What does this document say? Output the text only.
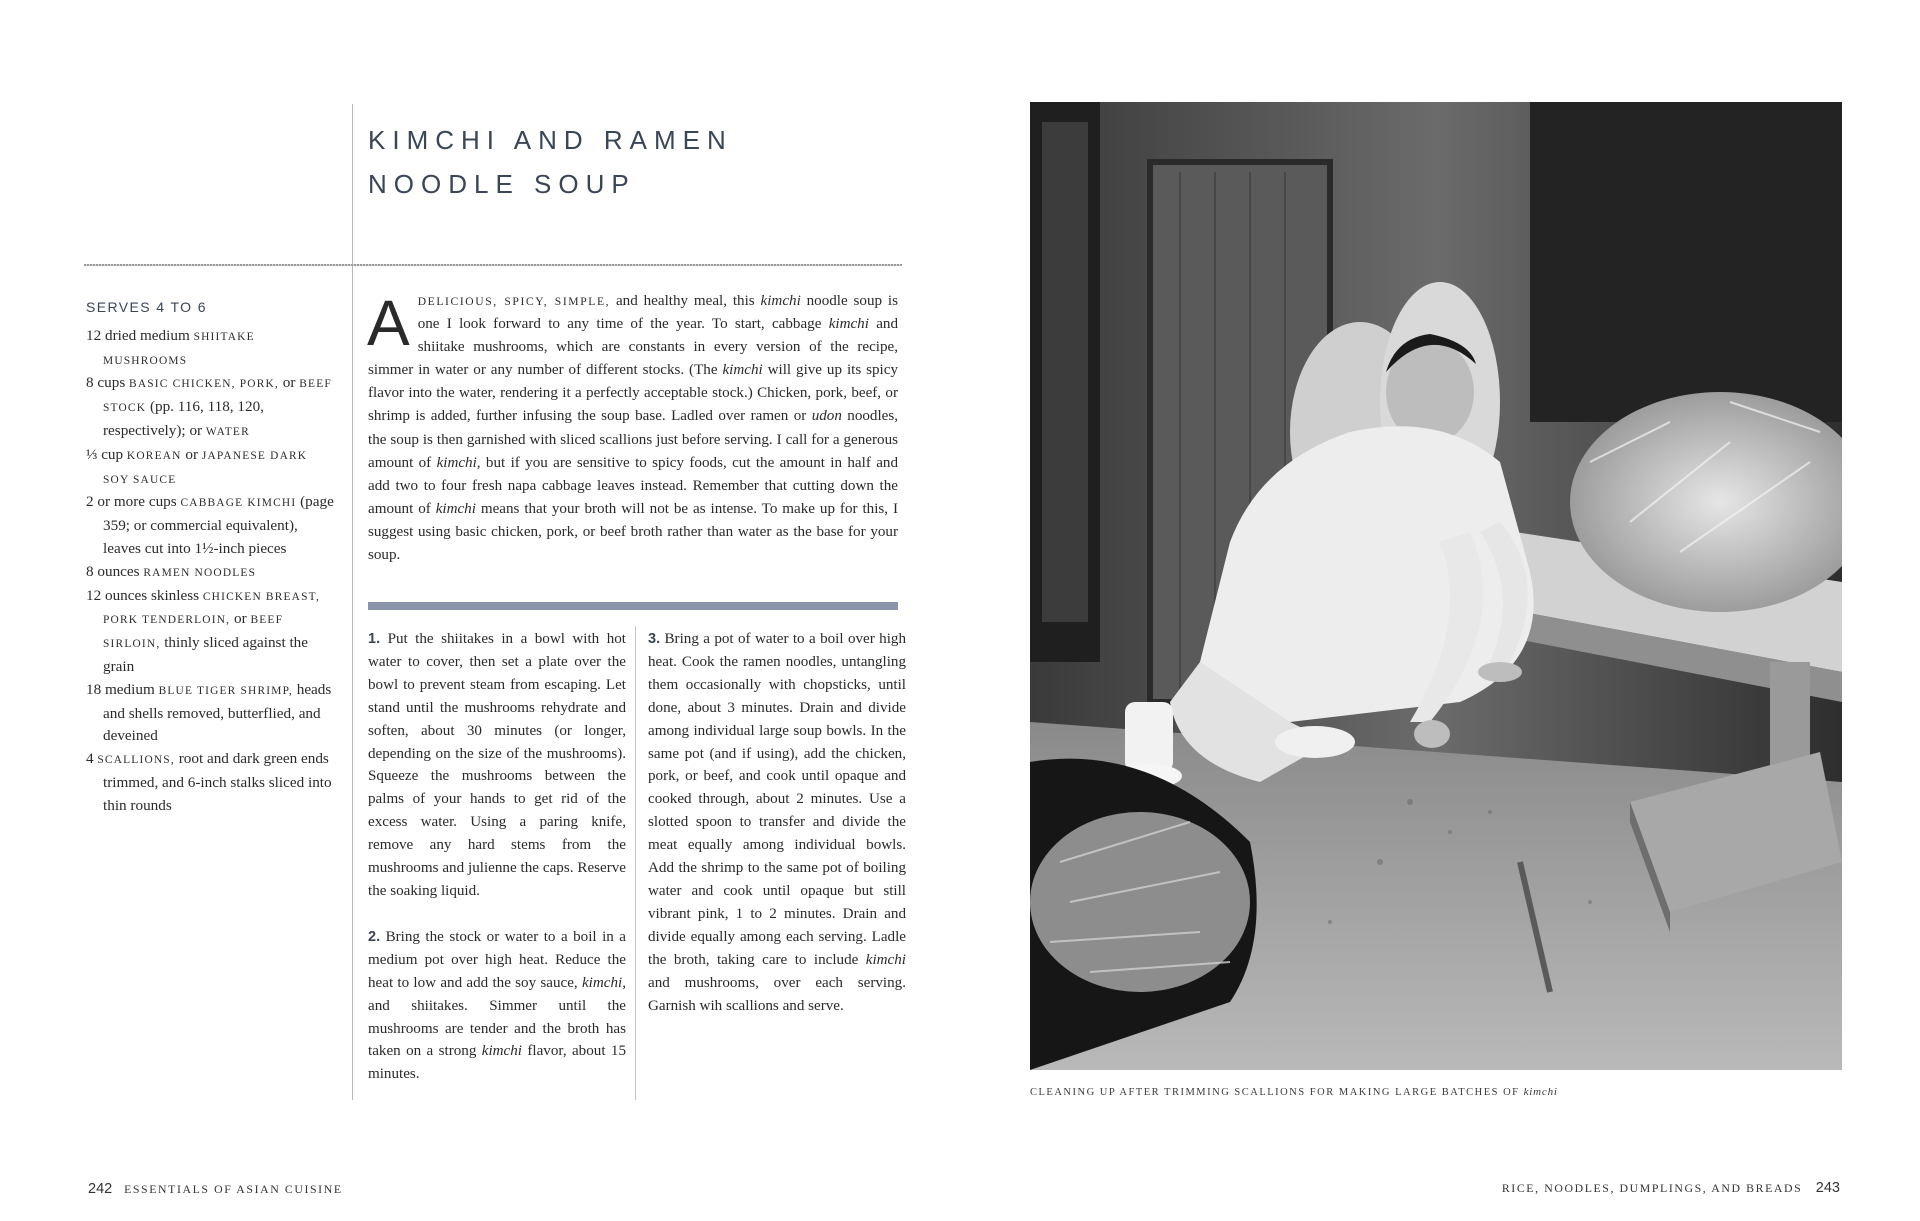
KIMCHI AND RAMEN
NOODLE SOUP
SERVES 4 TO 6
12 dried medium SHIITAKE MUSHROOMS
8 cups BASIC CHICKEN, PORK, or BEEF STOCK (pp. 116, 118, 120, respectively); or WATER
⅓ cup KOREAN or JAPANESE DARK SOY SAUCE
2 or more cups CABBAGE KIMCHI (page 359; or commercial equivalent), leaves cut into 1½-inch pieces
8 ounces RAMEN NOODLES
12 ounces skinless CHICKEN BREAST, PORK TENDERLOIN, or BEEF SIRLOIN, thinly sliced against the grain
18 medium BLUE TIGER SHRIMP, heads and shells removed, butterflied, and deveined
4 SCALLIONS, root and dark green ends trimmed, and 6-inch stalks sliced into thin rounds
ADELICIOUS, SPICY, SIMPLE, and healthy meal, this kimchi noodle soup is one I look forward to any time of the year. To start, cabbage kimchi and shiitake mushrooms, which are constants in every version of the recipe, simmer in water or any number of different stocks. (The kimchi will give up its spicy flavor into the water, rendering it a perfectly acceptable stock.) Chicken, pork, beef, or shrimp is added, further infusing the soup base. Ladled over ramen or udon noodles, the soup is then garnished with sliced scallions just before serving. I call for a generous amount of kimchi, but if you are sensitive to spicy foods, cut the amount in half and add two to four fresh napa cabbage leaves instead. Remember that cutting down the amount of kimchi means that your broth will not be as intense. To make up for this, I suggest using basic chicken, pork, or beef broth rather than water as the base for your soup.

1. Put the shiitakes in a bowl with hot water to cover, then set a plate over the bowl to prevent steam from escaping. Let stand until the mushrooms rehydrate and soften, about 30 minutes (or longer, depending on the size of the mushrooms). Squeeze the mushrooms between the palms of your hands to get rid of the excess water. Using a paring knife, remove any hard stems from the mushrooms and julienne the caps. Reserve the soaking liquid.

2. Bring the stock or water to a boil in a medium pot over high heat. Reduce the heat to low and add the soy sauce, kimchi, and shiitakes. Simmer until the mushrooms are tender and the broth has taken on a strong kimchi flavor, about 15 minutes.

3. Bring a pot of water to a boil over high heat. Cook the ramen noodles, untangling them occasionally with chopsticks, until done, about 3 minutes. Drain and divide among individual large soup bowls. In the same pot (and if using), add the chicken, pork, or beef, and cook until opaque and cooked through, about 2 minutes. Use a slotted spoon to transfer and divide the meat equally among individual bowls. Add the shrimp to the same pot of boiling water and cook until opaque but still vibrant pink, 1 to 2 minutes. Drain and divide equally among each serving. Ladle the broth, taking care to include kimchi and mushrooms, over each serving. Garnish wih scallions and serve.

242 ESSENTIALS OF ASIAN CUISINE
CLEANING UP AFTER TRIMMING SCALLIONS FOR MAKING LARGE BATCHES OF kimchi
RICE, NOODLES, DUMPLINGS, AND BREADS 243
